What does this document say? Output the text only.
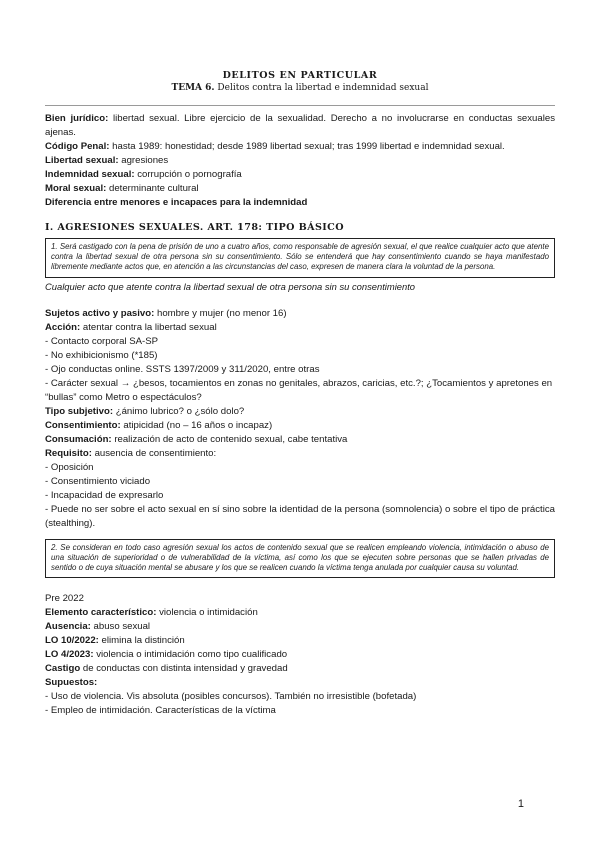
DELITOS EN PARTICULAR
TEMA 6. Delitos contra la libertad e indemnidad sexual
Bien jurídico: libertad sexual. Libre ejercicio de la sexualidad. Derecho a no involucrarse en conductas sexuales ajenas.
Código Penal: hasta 1989: honestidad; desde 1989 libertad sexual; tras 1999 libertad e indemnidad sexual.
Libertad sexual: agresiones
Indemnidad sexual: corrupción o pornografía
Moral sexual: determinante cultural
Diferencia entre menores e incapaces para la indemnidad
I. AGRESIONES SEXUALES. ART. 178: TIPO BÁSICO
1. Será castigado con la pena de prisión de uno a cuatro años, como responsable de agresión sexual, el que realice cualquier acto que atente contra la libertad sexual de otra persona sin su consentimiento. Sólo se entenderá que hay consentimiento cuando se haya manifestado libremente mediante actos que, en atención a las circunstancias del caso, expresen de manera clara la voluntad de la persona.
Cualquier acto que atente contra la libertad sexual de otra persona sin su consentimiento
Sujetos activo y pasivo: hombre y mujer (no menor 16)
Acción: atentar contra la libertad sexual
- Contacto corporal SA-SP
- No exhibicionismo (*185)
- Ojo conductas online. SSTS 1397/2009 y 311/2020, entre otras
- Carácter sexual → ¿besos, tocamientos en zonas no genitales, abrazos, caricias, etc.?; ¿Tocamientos y apretones en “bullas” como Metro o espectáculos?
Tipo subjetivo: ¿ánimo lubrico? o ¿sólo dolo?
Consentimiento: atipicidad (no – 16 años o incapaz)
Consumación: realización de acto de contenido sexual, cabe tentativa
Requisito: ausencia de consentimiento:
- Oposición
- Consentimiento viciado
- Incapacidad de expresarlo
- Puede no ser sobre el acto sexual en sí sino sobre la identidad de la persona (somnolencia) o sobre el tipo de práctica (stealthing).
2. Se consideran en todo caso agresión sexual los actos de contenido sexual que se realicen empleando violencia, intimidación o abuso de una situación de superioridad o de vulnerabilidad de la víctima, así como los que se ejecuten sobre personas que se hallen privadas de sentido o de cuya situación mental se abusare y los que se realicen cuando la víctima tenga anulada por cualquier causa su voluntad.
Pre 2022
Elemento característico: violencia o intimidación
Ausencia: abuso sexual
LO 10/2022: elimina la distinción
LO 4/2023: violencia o intimidación como tipo cualificado
Castigo de conductas con distinta intensidad y gravedad
Supuestos:
- Uso de violencia. Vis absoluta (posibles concursos). También no irresistible (bofetada)
- Empleo de intimidación. Características de la víctima
1
